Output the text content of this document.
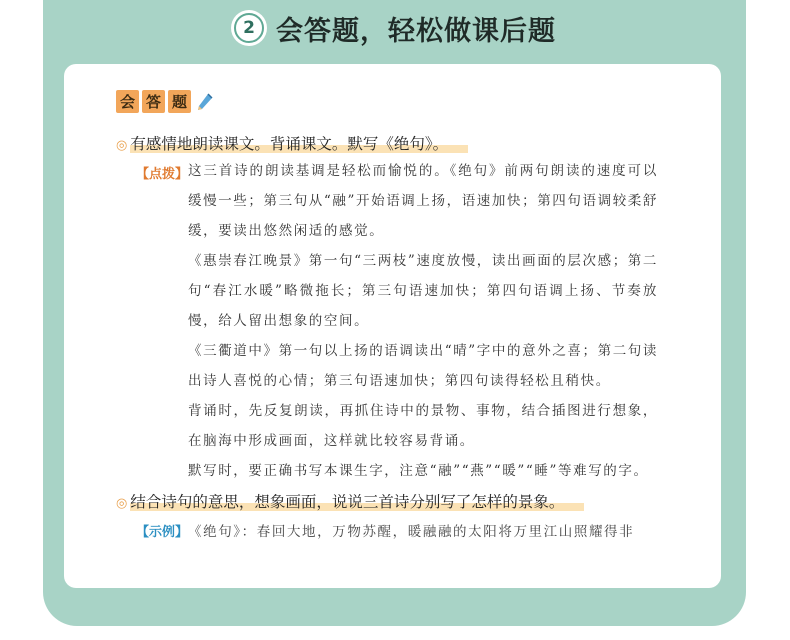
2 会答题，轻松做课后题
会 答 题
◎ 有感情地朗读课文。背诵课文。默写《绝句》。
【点拨】 这三首诗的朗读基调是轻松而愉悦的。《绝句》前两句朗读的速度可以缓慢一些；第三句从“融”开始语调上扬，语速加快；第四句语调较柔舒缓，要读出悠然闲适的感觉。
《惠崇春江晚景》第一句“三两枝”速度放慢，读出画面的层次感；第二句“春江水暖”略微拖长；第三句语速加快；第四句语调上扬、节奏放慢，给人留出想象的空间。
《三衢道中》第一句以上扬的语调读出“晴”字中的意外之喜；第二句读出诗人喜悦的心情；第三句语速加快；第四句读得轻松且稍快。
背诵时，先反复朗读，再抓住诗中的景物、事物，结合插图进行想象，在脑海中形成画面，这样就比较容易背诵。
默写时，要正确书写本课生字，注意“融”“燕”“暖”“睡”等难写的字。
◎ 结合诗句的意思，想象画面，说说三首诗分别写了怎样的景象。
【示例】 《绝句》：春回大地，万物苏醒，暖融融的太阳将万里江山照耀得非
